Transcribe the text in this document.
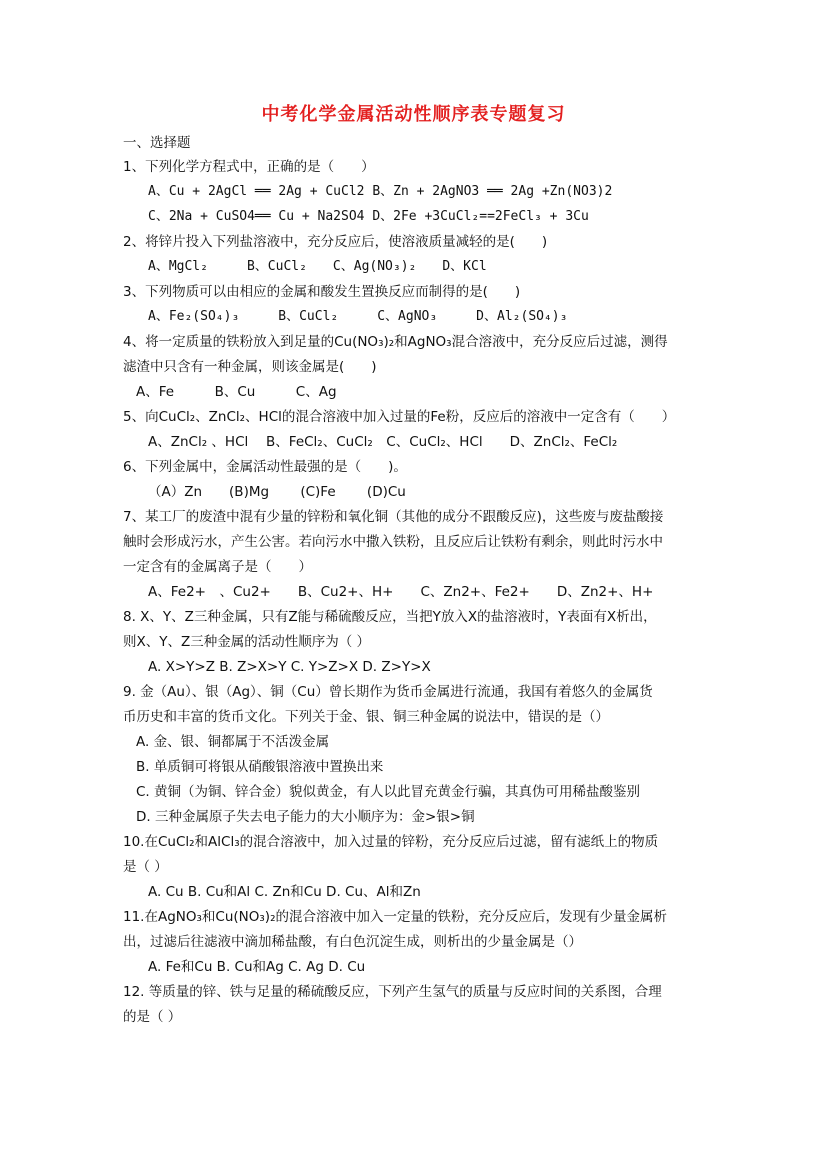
中考化学金属活动性顺序表专题复习
一、选择题
1、下列化学方程式中，正确的是（　　）
A、Cu + 2AgCl ══ 2Ag + CuCl2 B、Zn + 2AgNO3 ══ 2Ag +Zn(NO3)2
C、2Na + CuSO4══ Cu + Na2SO4 D、2Fe +3CuCl₂==2FeCl₃ + 3Cu
2、将锌片投入下列盐溶液中，充分反应后，使溶液质量减轻的是(　　)
A、MgCl₂　　　B、CuCl₂　　C、Ag(NO₃)₂　　D、KCl
3、下列物质可以由相应的金属和酸发生置换反应而制得的是(　　)
A、Fe₂(SO₄)₃　　　B、CuCl₂　　　C、AgNO₃　　　D、Al₂(SO₄)₃
4、将一定质量的铁粉放入到足量的Cu(NO₃)₂和AgNO₃混合溶液中，充分反应后过滤，测得
滤渣中只含有一种金属，则该金属是(　　)
A、Fe　　　B、Cu　　　C、Ag
5、向CuCl₂、ZnCl₂、HCl的混合溶液中加入过量的Fe粉，反应后的溶液中一定含有（　　）
A、ZnCl₂ 、HCl　 B、FeCl₂、CuCl₂　C、CuCl₂、HCl　　D、ZnCl₂、FeCl₂
6、下列金属中，金属活动性最强的是（　　)。
（A）Zn　　(B)Mg　　 (C)Fe　　 (D)Cu
7、某工厂的废渣中混有少量的锌粉和氧化铜（其他的成分不跟酸反应)，这些废与废盐酸接
触时会形成污水，产生公害。若向污水中撒入铁粉，且反应后让铁粉有剩余，则此时污水中
一定含有的金属离子是（　　）
A、Fe2+　、Cu2+　　B、Cu2+、H+　　C、Zn2+、Fe2+　　D、Zn2+、H+
8. X、Y、Z三种金属，只有Z能与稀硫酸反应，当把Y放入X的盐溶液时，Y表面有X析出，
则X、Y、Z三种金属的活动性顺序为（ ）
A. X>Y>Z B. Z>X>Y C. Y>Z>X D. Z>Y>X
9. 金（Au）、银（Ag）、铜（Cu）曾长期作为货币金属进行流通，我国有着悠久的金属货
币历史和丰富的货币文化。下列关于金、银、铜三种金属的说法中，错误的是（）
A. 金、银、铜都属于不活泼金属
B. 单质铜可将银从硝酸银溶液中置换出来
C. 黄铜（为铜、锌合金）貌似黄金，有人以此冒充黄金行骗，其真伪可用稀盐酸鉴别
D. 三种金属原子失去电子能力的大小顺序为：金>银>铜
10.在CuCl₂和AlCl₃的混合溶液中，加入过量的锌粉，充分反应后过滤，留有滤纸上的物质
是（ ）
A. Cu B. Cu和Al C. Zn和Cu D. Cu、Al和Zn
11.在AgNO₃和Cu(NO₃)₂的混合溶液中加入一定量的铁粉，充分反应后，发现有少量金属析
出，过滤后往滤液中滴加稀盐酸，有白色沉淀生成，则析出的少量金属是（）
A. Fe和Cu B. Cu和Ag C. Ag D. Cu
12. 等质量的锌、铁与足量的稀硫酸反应，下列产生氢气的质量与反应时间的关系图，合理
的是（ ）
